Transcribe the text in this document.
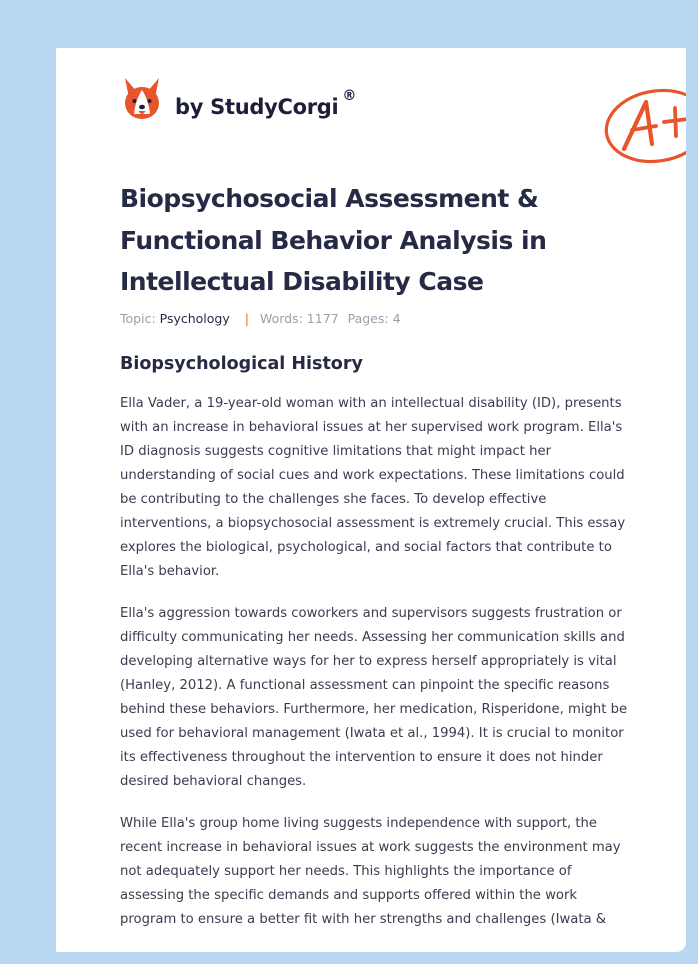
by StudyCorgi ®
Biopsychosocial Assessment & Functional Behavior Analysis in Intellectual Disability Case
Topic: Psychology | Words: 1177 Pages: 4
Biopsychological History

Ella Vader, a 19-year-old woman with an intellectual disability (ID), presents with an increase in behavioral issues at her supervised work program. Ella's ID diagnosis suggests cognitive limitations that might impact her understanding of social cues and work expectations. These limitations could be contributing to the challenges she faces. To develop effective interventions, a biopsychosocial assessment is extremely crucial. This essay explores the biological, psychological, and social factors that contribute to Ella's behavior.

Ella's aggression towards coworkers and supervisors suggests frustration or difficulty communicating her needs. Assessing her communication skills and developing alternative ways for her to express herself appropriately is vital (Hanley, 2012). A functional assessment can pinpoint the specific reasons behind these behaviors. Furthermore, her medication, Risperidone, might be used for behavioral management (Iwata et al., 1994). It is crucial to monitor its effectiveness throughout the intervention to ensure it does not hinder desired behavioral changes.

While Ella's group home living suggests independence with support, the recent increase in behavioral issues at work suggests the environment may not adequately support her needs. This highlights the importance of assessing the specific demands and supports offered within the work program to ensure a better fit with her strengths and challenges (Iwata &
